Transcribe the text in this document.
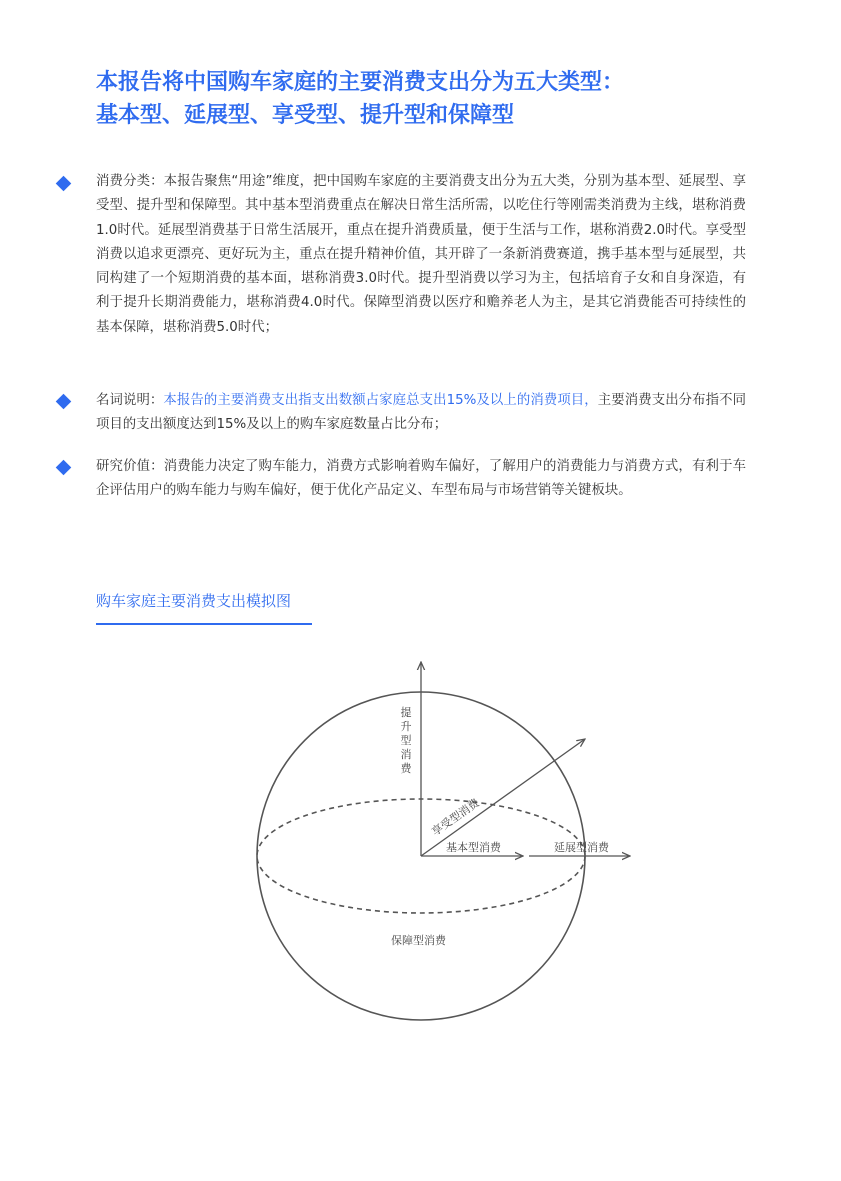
本报告将中国购车家庭的主要消费支出分为五大类型：
基本型、延展型、享受型、提升型和保障型
消费分类：本报告聚焦“用途”维度，把中国购车家庭的主要消费支出分为五大类，分别为基本型、延展型、享受型、提升型和保障型。其中基本型消费重点在解决日常生活所需，以吃住行等刚需类消费为主线，堪称消费1.0时代。延展型消费基于日常生活展开，重点在提升消费质量，便于生活与工作，堪称消费2.0时代。享受型消费以追求更漂亮、更好玩为主，重点在提升精神价值，其开辟了一条新消费赛道，携手基本型与延展型，共同构建了一个短期消费的基本面，堪称消费3.0时代。提升型消费以学习为主，包括培育子女和自身深造，有利于提升长期消费能力，堪称消费4.0时代。保障型消费以医疗和赡养老人为主，是其它消费能否可持续性的基本保障，堪称消费5.0时代；
名词说明：本报告的主要消费支出指支出数额占家庭总支出15%及以上的消费项目，主要消费支出分布指不同项目的支出额度达到15%及以上的购车家庭数量占比分布；
研究价值：消费能力决定了购车能力，消费方式影响着购车偏好，了解用户的消费能力与消费方式，有利于车企评估用户的购车能力与购车偏好，便于优化产品定义、车型布局与市场营销等关键板块。
购车家庭主要消费支出模拟图
提
升
型
消
费
享受型消费
基本型消费	延展型消费
保障型消费
